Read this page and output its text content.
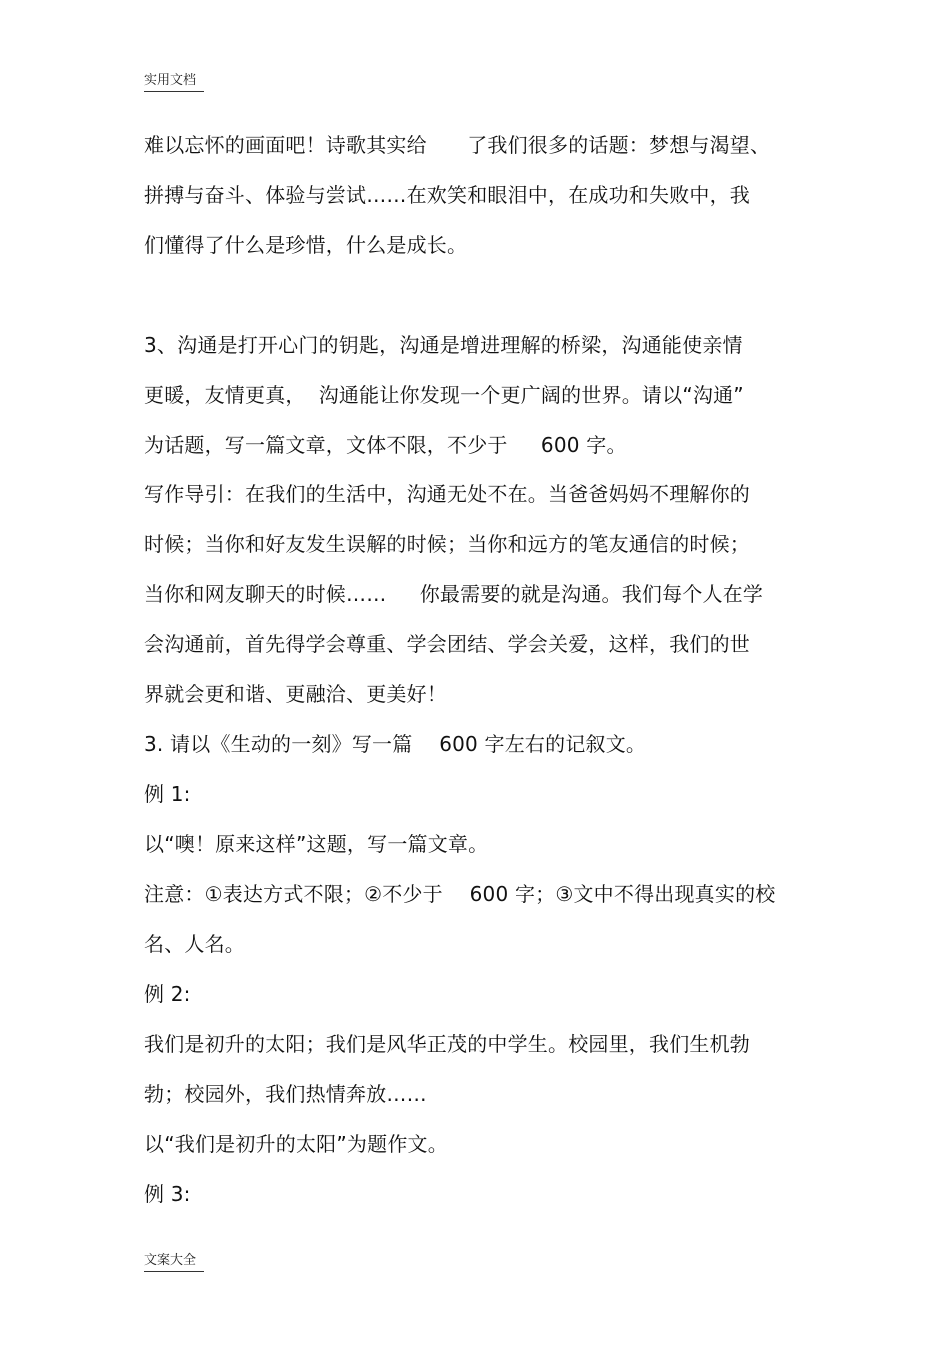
实用文档
难以忘怀的画面吧！诗歌其实给　　了我们很多的话题：梦想与渴望、
拼搏与奋斗、体验与尝试……在欢笑和眼泪中，在成功和失败中，我
们懂得了什么是珍惜，什么是成长。
3、沟通是打开心门的钥匙，沟通是增进理解的桥梁，沟通能使亲情
更暖，友情更真，  沟通能让你发现一个更广阔的世界。请以“沟通”
为话题，写一篇文章，文体不限，不少于　  600 字。
写作导引：在我们的生活中，沟通无处不在。当爸爸妈妈不理解你的
时候；当你和好友发生误解的时候；当你和远方的笔友通信的时候；
当你和网友聊天的时候……　  你最需要的就是沟通。我们每个人在学
会沟通前，首先得学会尊重、学会团结、学会关爱，这样，我们的世
界就会更和谐、更融洽、更美好！
3. 请以《生动的一刻》写一篇　 600 字左右的记叙文。
例 1:
以“噢！原来这样”这题，写一篇文章。
注意：①表达方式不限；②不少于　 600 字；③文中不得出现真实的校
名、人名。
例 2:
我们是初升的太阳；我们是风华正茂的中学生。校园里，我们生机勃
勃；校园外，我们热情奔放……
以“我们是初升的太阳”为题作文。
例 3:
文案大全
